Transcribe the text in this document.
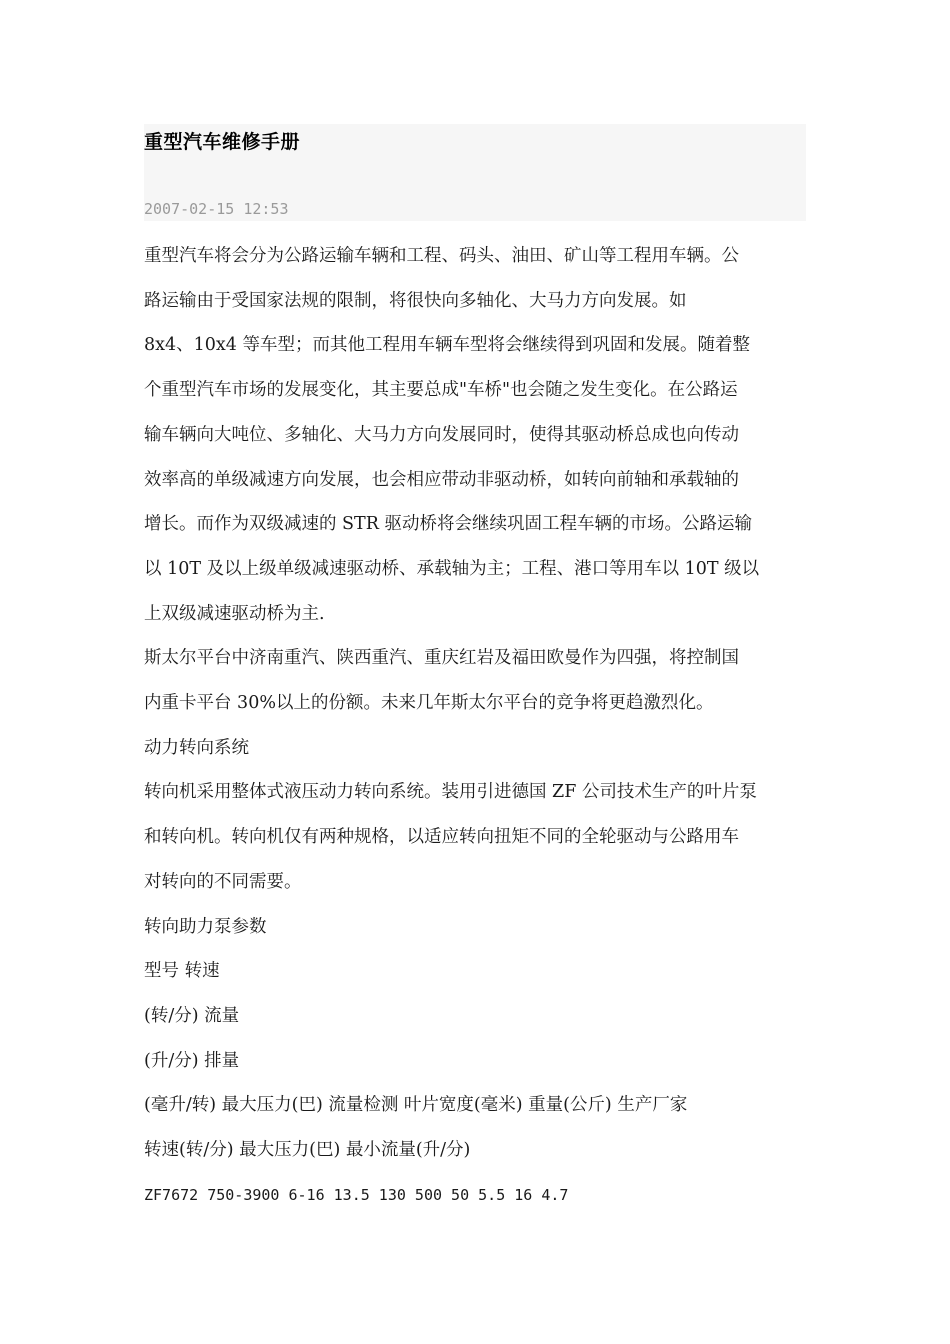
重型汽车维修手册
2007-02-15 12:53
重型汽车将会分为公路运输车辆和工程、码头、油田、矿山等工程用车辆。公
路运输由于受国家法规的限制，将很快向多轴化、大马力方向发展。如
8x4、10x4 等车型；而其他工程用车辆车型将会继续得到巩固和发展。随着整
个重型汽车市场的发展变化，其主要总成"车桥"也会随之发生变化。在公路运
输车辆向大吨位、多轴化、大马力方向发展同时，使得其驱动桥总成也向传动
效率高的单级减速方向发展，也会相应带动非驱动桥，如转向前轴和承载轴的
增长。而作为双级减速的 STR 驱动桥将会继续巩固工程车辆的市场。公路运输
以 10T 及以上级单级减速驱动桥、承载轴为主；工程、港口等用车以 10T 级以
上双级减速驱动桥为主.
斯太尔平台中济南重汽、陕西重汽、重庆红岩及福田欧曼作为四强，将控制国
内重卡平台 30%以上的份额。未来几年斯太尔平台的竞争将更趋激烈化。
动力转向系统
转向机采用整体式液压动力转向系统。装用引进德国 ZF 公司技术生产的叶片泵
和转向机。转向机仅有两种规格，以适应转向扭矩不同的全轮驱动与公路用车
对转向的不同需要。
转向助力泵参数
型号 转速
(转/分) 流量
(升/分) 排量
(毫升/转) 最大压力(巴) 流量检测 叶片宽度(毫米) 重量(公斤) 生产厂家
转速(转/分) 最大压力(巴) 最小流量(升/分)
ZF7672 750-3900 6-16 13.5 130 500 50 5.5 16 4.7
